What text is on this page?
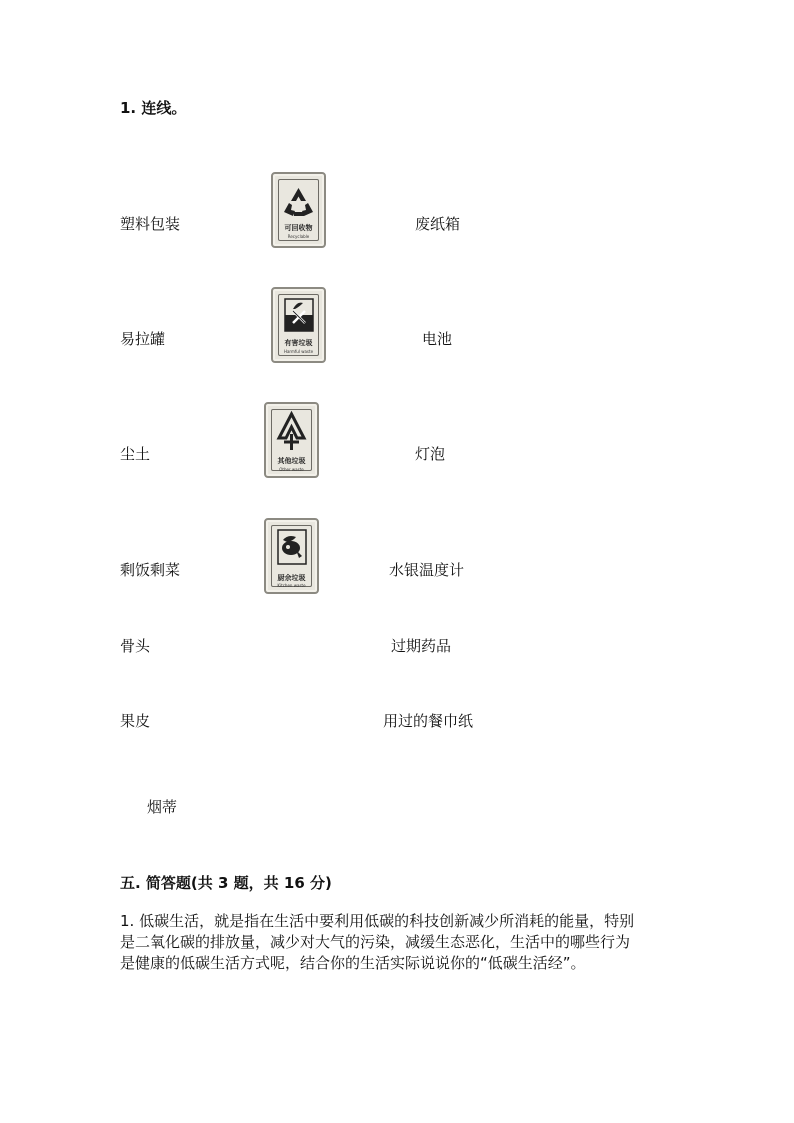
1. 连线。
塑料包装
易拉罐
尘土
剩饭剩菜
骨头
果皮
烟蒂
废纸箱
电池
灯泡
水银温度计
过期药品
用过的餐巾纸
可回收物
Recyclable
有害垃圾
Harmful waste
其他垃圾
Other waste
厨余垃圾
Kitchen waste
五. 简答题(共 3 题，共 16 分)
1. 低碳生活，就是指在生活中要利用低碳的科技创新减少所消耗的能量，特别
是二氧化碳的排放量，减少对大气的污染，减缓生态恶化，生活中的哪些行为
是健康的低碳生活方式呢，结合你的生活实际说说你的“低碳生活经”。
